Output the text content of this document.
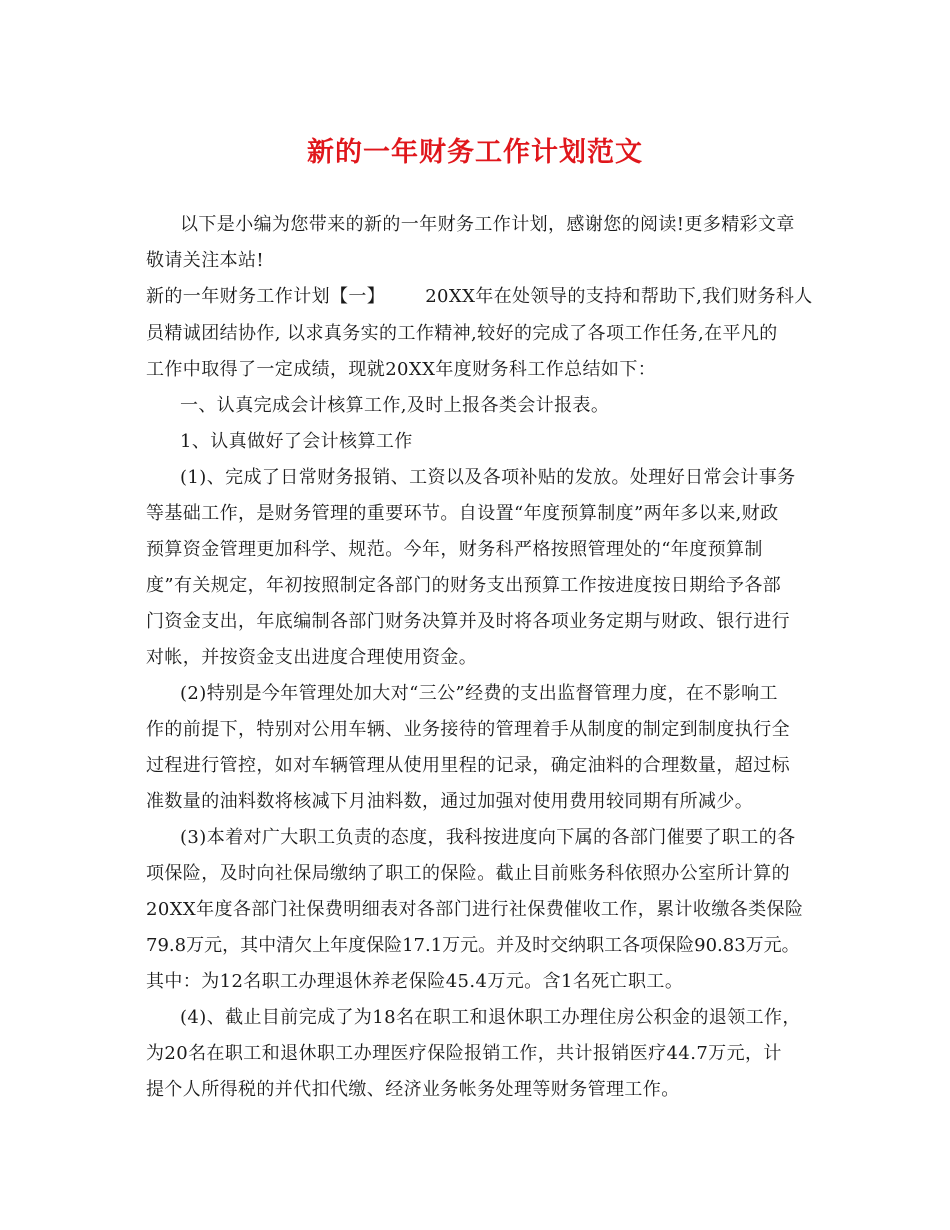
新的一年财务工作计划范文
以下是小编为您带来的新的一年财务工作计划，感谢您的阅读!更多精彩文章
敬请关注本站!
新的一年财务工作计划【一】 20XX年在处领导的支持和帮助下,我们财务科人
员精诚团结协作, 以求真务实的工作精神,较好的完成了各项工作任务,在平凡的
工作中取得了一定成绩，现就20XX年度财务科工作总结如下：
一、认真完成会计核算工作,及时上报各类会计报表。
1、认真做好了会计核算工作
(1)、完成了日常财务报销、工资以及各项补贴的发放。处理好日常会计事务
等基础工作，是财务管理的重要环节。自设置“年度预算制度”两年多以来,财政
预算资金管理更加科学、规范。今年，财务科严格按照管理处的“年度预算制
度”有关规定，年初按照制定各部门的财务支出预算工作按进度按日期给予各部
门资金支出，年底编制各部门财务决算并及时将各项业务定期与财政、银行进行
对帐，并按资金支出进度合理使用资金。
(2)特别是今年管理处加大对“三公”经费的支出监督管理力度，在不影响工
作的前提下，特别对公用车辆、业务接待的管理着手从制度的制定到制度执行全
过程进行管控，如对车辆管理从使用里程的记录，确定油料的合理数量，超过标
准数量的油料数将核减下月油料数，通过加强对使用费用较同期有所减少。
(3)本着对广大职工负责的态度，我科按进度向下属的各部门催要了职工的各
项保险，及时向社保局缴纳了职工的保险。截止目前账务科依照办公室所计算的
20XX年度各部门社保费明细表对各部门进行社保费催收工作，累计收缴各类保险
79.8万元，其中清欠上年度保险17.1万元。并及时交纳职工各项保险90.83万元。
其中：为12名职工办理退休养老保险45.4万元。含1名死亡职工。
(4)、截止目前完成了为18名在职工和退休职工办理住房公积金的退领工作，
为20名在职工和退休职工办理医疗保险报销工作，共计报销医疗44.7万元，计
提个人所得税的并代扣代缴、经济业务帐务处理等财务管理工作。
